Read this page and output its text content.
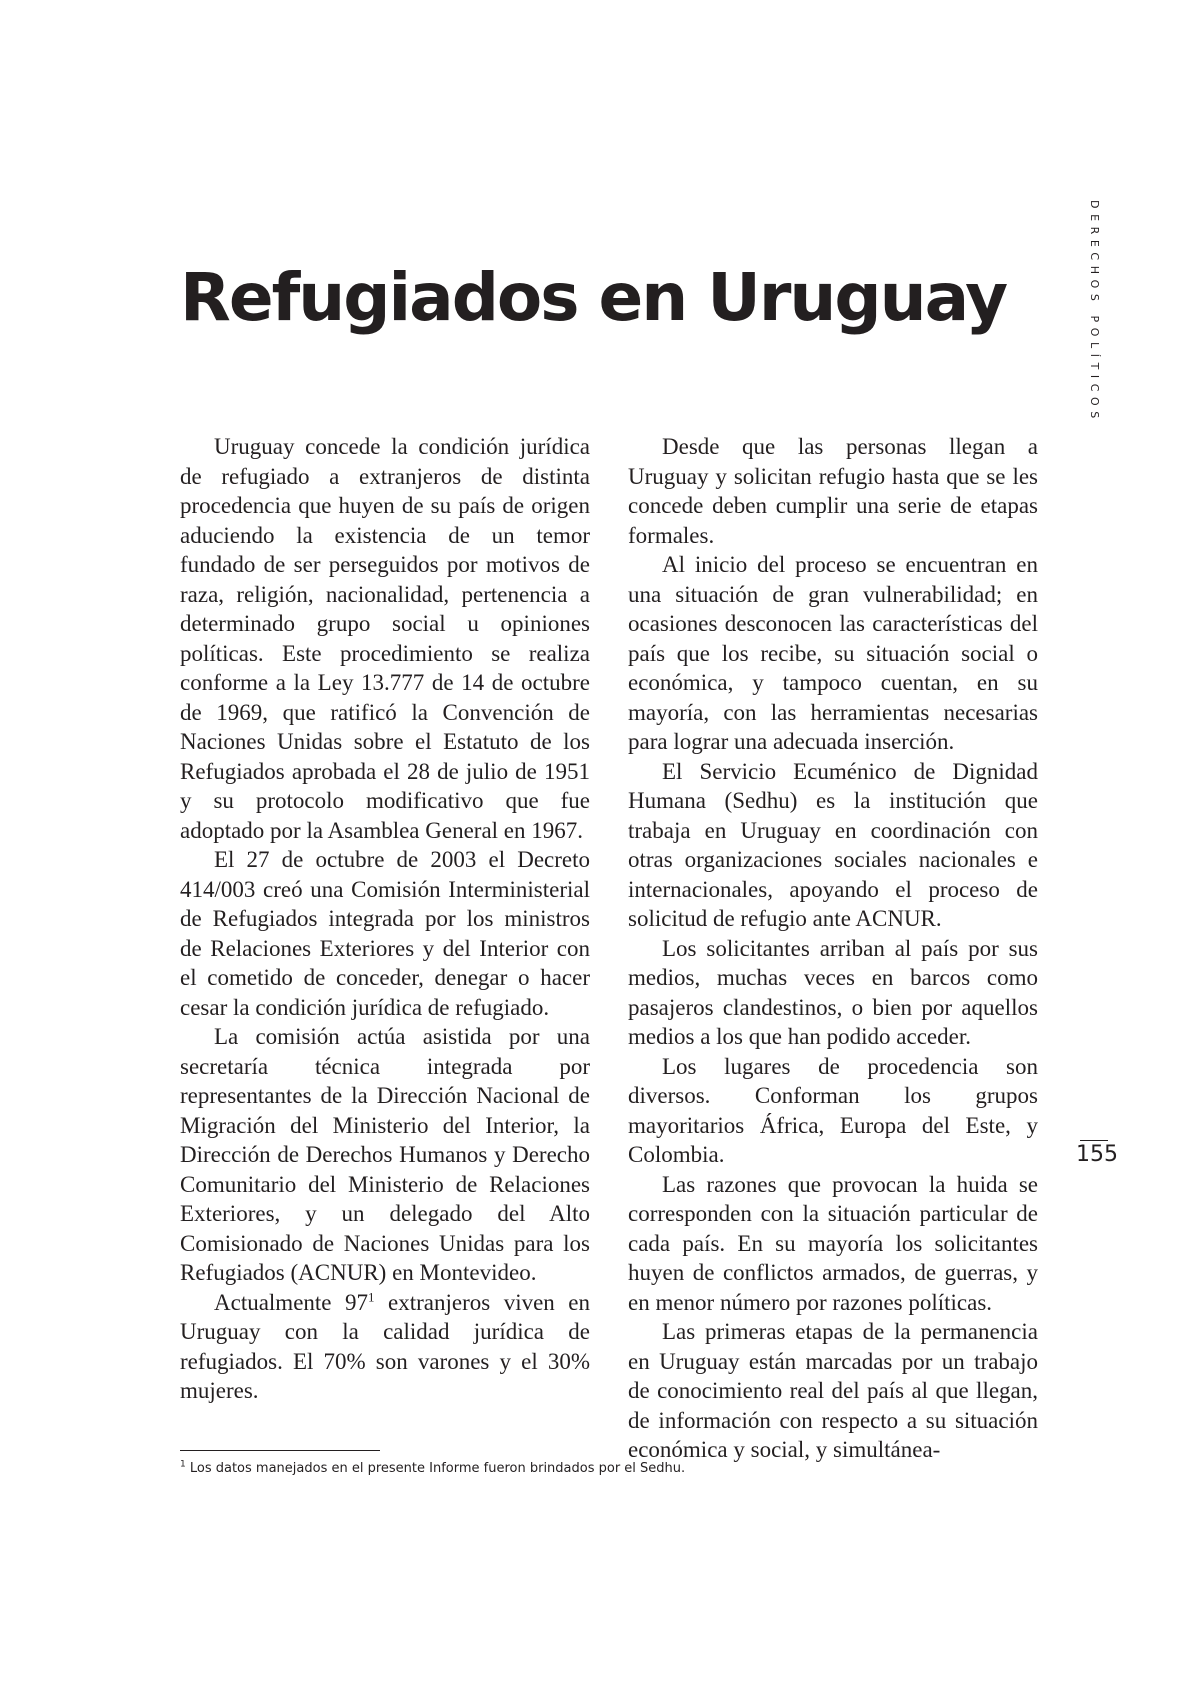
DERECHOS POLÍTICOS
Refugiados en Uruguay

Uruguay concede la condición jurídica de refugiado a extranjeros de distinta procedencia que huyen de su país de origen aduciendo la existencia de un temor fundado de ser perseguidos por motivos de raza, religión, nacionalidad, pertenencia a determinado grupo social u opiniones políticas. Este procedimiento se realiza conforme a la Ley 13.777 de 14 de octubre de 1969, que ratificó la Convención de Naciones Unidas sobre el Estatuto de los Refugiados aprobada el 28 de julio de 1951 y su protocolo modificativo que fue adoptado por la Asamblea General en 1967.

El 27 de octubre de 2003 el Decreto 414/003 creó una Comisión Interministerial de Refugiados integrada por los ministros de Relaciones Exteriores y del Interior con el cometido de conceder, denegar o hacer cesar la condición jurídica de refugiado.

La comisión actúa asistida por una secretaría técnica integrada por representantes de la Dirección Nacional de Migración del Ministerio del Interior, la Dirección de Derechos Humanos y Derecho Comunitario del Ministerio de Relaciones Exteriores, y un delegado del Alto Comisionado de Naciones Unidas para los Refugiados (ACNUR) en Montevideo.

Actualmente $97^1$ extranjeros viven en Uruguay con la calidad jurídica de refugiados. El 70% son varones y el 30% mujeres.

Desde que las personas llegan a Uruguay y solicitan refugio hasta que se les concede deben cumplir una serie de etapas formales.

Al inicio del proceso se encuentran en una situación de gran vulnerabilidad; en ocasiones desconocen las características del país que los recibe, su situación social o económica, y tampoco cuentan, en su mayoría, con las herramientas necesarias para lograr una adecuada inserción.

El Servicio Ecuménico de Dignidad Humana (Sedhu) es la institución que trabaja en Uruguay en coordinación con otras organizaciones sociales nacionales e internacionales, apoyando el proceso de solicitud de refugio ante ACNUR.

Los solicitantes arriban al país por sus medios, muchas veces en barcos como pasajeros clandestinos, o bien por aquellos medios a los que han podido acceder.

Los lugares de procedencia son diversos. Conforman los grupos mayoritarios África, Europa del Este, y Colombia.

Las razones que provocan la huida se corresponden con la situación particular de cada país. En su mayoría los solicitantes huyen de conflictos armados, de guerras, y en menor número por razones políticas.

Las primeras etapas de la permanencia en Uruguay están marcadas por un trabajo de conocimiento real del país al que llegan, de información con respecto a su situación económica y social, y simultánea-

155
$^1$ Los datos manejados en el presente Informe fueron brindados por el Sedhu.
